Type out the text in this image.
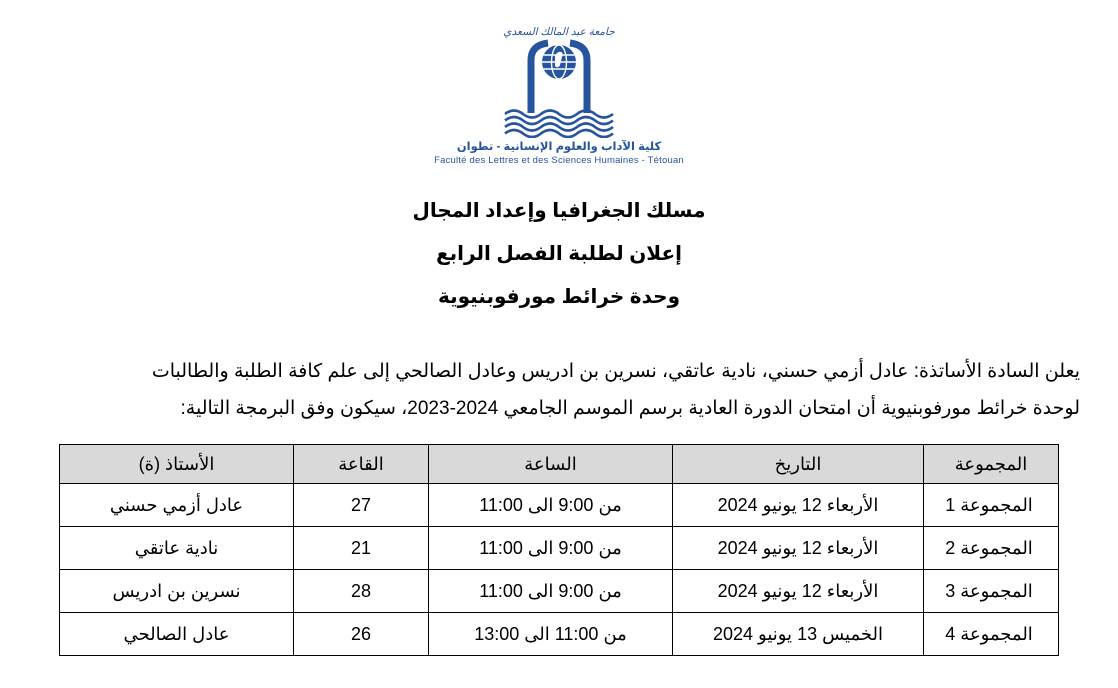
جامعة عبد المالك السعدي
كلية الآداب والعلوم الإنسانية - تطوان
Faculté des Lettres et des Sciences Humaines - Tétouan
مسلك الجغرافيا وإعداد المجال
إعلان لطلبة الفصل الرابع
وحدة خرائط مورفوبنيوية
يعلن السادة الأساتذة: عادل أزمي حسني، نادية عاتقي، نسرين بن ادريس وعادل الصالحي إلى علم كافة الطلبة والطالبات
لوحدة خرائط مورفوبنيوية أن امتحان الدورة العادية برسم الموسم الجامعي 2024-2023، سيكون وفق البرمجة التالية:
المجموعة	التاريخ	الساعة	القاعة	الأستاذ (ة)
المجموعة 1	الأربعاء 12 يونيو 2024	من 9:00 الى 11:00	27	عادل أزمي حسني
المجموعة 2	الأربعاء 12 يونيو 2024	من 9:00 الى 11:00	21	نادية عاتقي
المجموعة 3	الأربعاء 12 يونيو 2024	من 9:00 الى 11:00	28	نسرين بن ادريس
المجموعة 4	الخميس 13 يونيو 2024	من 11:00 الى 13:00	26	عادل الصالحي
